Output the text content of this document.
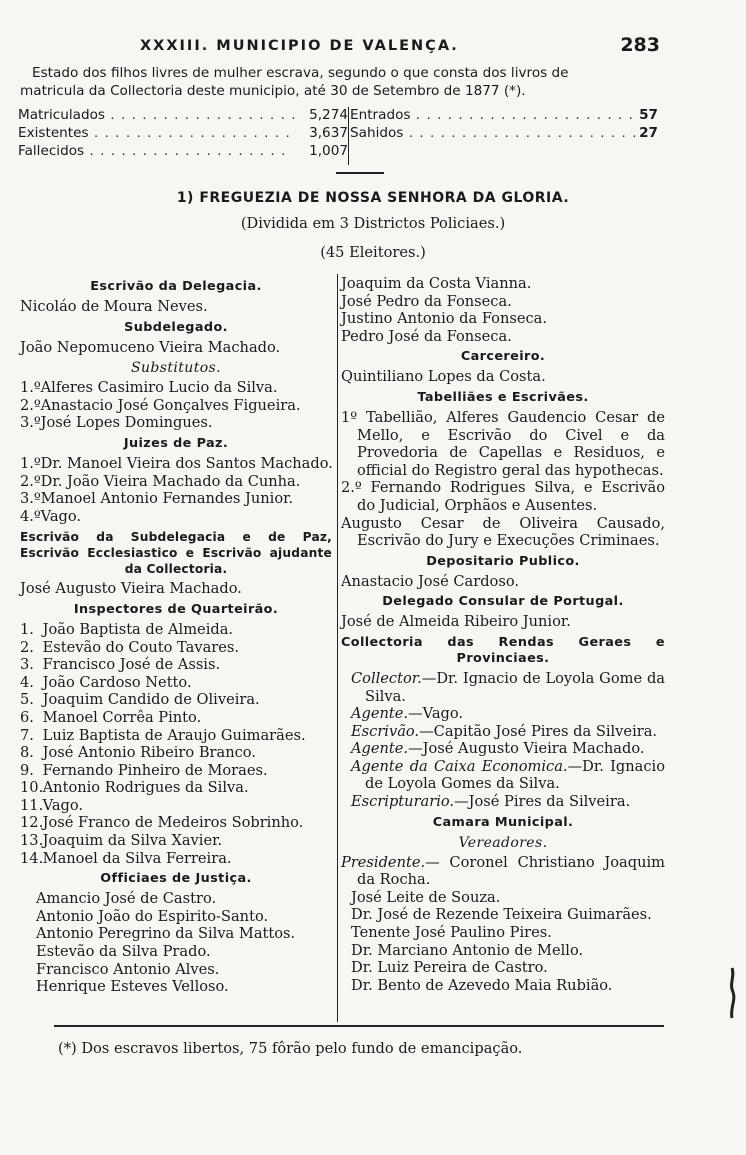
XXXIII. MUNICIPIO DE VALENÇA.	283
Estado dos filhos livres de mulher escrava, segundo o que consta dos livros de
matricula da Collectoria deste municipio, até 30 de Setembro de 1877 (*).
Matriculados . . . . . . . . . . . . . . . . . . 5,274 Entrados . . . . . . . . . . . . . . . . . . . . . 57
Existentes . . . . . . . . . . . . . . . . . . .	3,637 Sahidos . . . . . . . . . . . . . . . . . . . . . . 27
Fallecidos . . . . . . . . . . . . . . . . . . .	1,007
1) FREGUEZIA DE NOSSA SENHORA DA GLORIA.
(Dividida em 3 Districtos Policiaes.)
(45 Eleitores.)
Escrivão da Delegacia.
Nicoláo de Moura Neves.
Subdelegado.
João Nepomuceno Vieira Machado.
Substitutos.
1.º Alferes Casimiro Lucio da Silva.
2.º Anastacio José Gonçalves Figueira.
3.º José Lopes Domingues.
Juizes de Paz.
1.º Dr. Manoel Vieira dos Santos Machado.
2.º Dr. João Vieira Machado da Cunha.
3.º Manoel Antonio Fernandes Junior.
4.º Vago.
Escrivão da Subdelegacia e de Paz, Escrivão Ecclesiastico e Escrivão ajudante da Collectoria.
José Augusto Vieira Machado.
Inspectores de Quarteirão.
1. João Baptista de Almeida.
2. Estevão do Couto Tavares.
3. Francisco José de Assis.
4. João Cardoso Netto.
5. Joaquim Candido de Oliveira.
6. Manoel Corrêa Pinto.
7. Luiz Baptista de Araujo Guimarães.
8. José Antonio Ribeiro Branco.
9. Fernando Pinheiro de Moraes.
10. Antonio Rodrigues da Silva.
11. Vago.
12. José Franco de Medeiros Sobrinho.
13. Joaquim da Silva Xavier.
14. Manoel da Silva Ferreira.
Officiaes de Justiça.
Amancio José de Castro.
Antonio João do Espirito-Santo.
Antonio Peregrino da Silva Mattos.
Estevão da Silva Prado.
Francisco Antonio Alves.
Henrique Esteves Velloso.
Joaquim da Costa Vianna.
José Pedro da Fonseca.
Justino Antonio da Fonseca.
Pedro José da Fonseca.
Carcereiro.
Quintiliano Lopes da Costa.
Tabelliães e Escrivães.
1º Tabellião, Alferes Gaudencio Cesar de Mello, e Escrivão do Civel e da Provedoria de Capellas e Residuos, e official do Registro geral das hypothecas.
2.º Fernando Rodrigues Silva, e Escrivão do Judicial, Orphãos e Ausentes.
Augusto Cesar de Oliveira Causado, Escrivão do Jury e Execuções Criminaes.
Depositario Publico.
Anastacio José Cardoso.
Delegado Consular de Portugal.
José de Almeida Ribeiro Junior.
Collectoria das Rendas Geraes e Provinciaes.
Collector.—Dr. Ignacio de Loyola Gome da Silva.
Agente.—Vago.
Escrivão.—Capitão José Pires da Silveira.
Agente.—José Augusto Vieira Machado.
Agente da Caixa Economica.—Dr. Ignacio de Loyola Gomes da Silva.
Escripturario.—José Pires da Silveira.
Camara Municipal.
Vereadores.
Presidente.— Coronel Christiano Joaquim da Rocha.
José Leite de Souza.
Dr. José de Rezende Teixeira Guimarães.
Tenente José Paulino Pires.
Dr. Marciano Antonio de Mello.
Dr. Luiz Pereira de Castro.
Dr. Bento de Azevedo Maia Rubião.
(*) Dos escravos libertos, 75 fôrão pelo fundo de emancipação.
